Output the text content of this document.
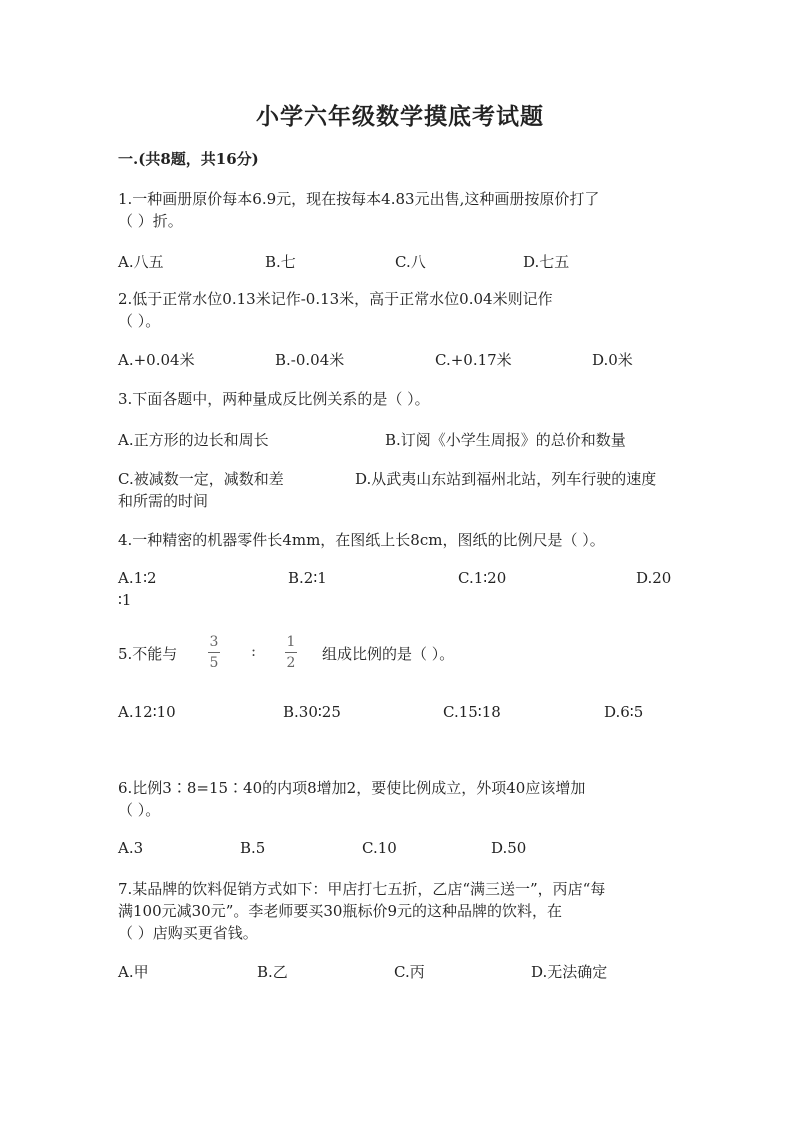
小学六年级数学摸底考试题
一.(共8题，共16分)
1.一种画册原价每本6.9元，现在按每本4.83元出售,这种画册按原价打了
（ ）折。
A.八五	B.七	C.八	D.七五
2.低于正常水位0.13米记作-0.13米，高于正常水位0.04米则记作
（ ）。
A.+0.04米	B.-0.04米	C.+0.17米	D.0米
3.下面各题中，两种量成反比例关系的是（ ）。
A.正方形的边长和周长	B.订阅《小学生周报》的总价和数量
C.被减数一定，减数和差	D.从武夷山东站到福州北站，列车行驶的速度
和所需的时间
4.一种精密的机器零件长4mm，在图纸上长8cm，图纸的比例尺是（ ）。
A.1∶2	B.2∶1	C.1∶20	D.20
∶1
5.不能与
3
5
: 1
2 组成比例的是（ ）。
A.12∶10	B.30∶25	C.15∶18	D.6∶5
6.比例3∶8=15∶40的内项8增加2，要使比例成立，外项40应该增加
（ ）。
A.3	B.5	C.10	D.50
7.某品牌的饮料促销方式如下：甲店打七五折，乙店“满三送一”，丙店“每
满100元减30元”。李老师要买30瓶标价9元的这种品牌的饮料，在
（ ）店购买更省钱。
A.甲	B.乙	C.丙	D.无法确定
